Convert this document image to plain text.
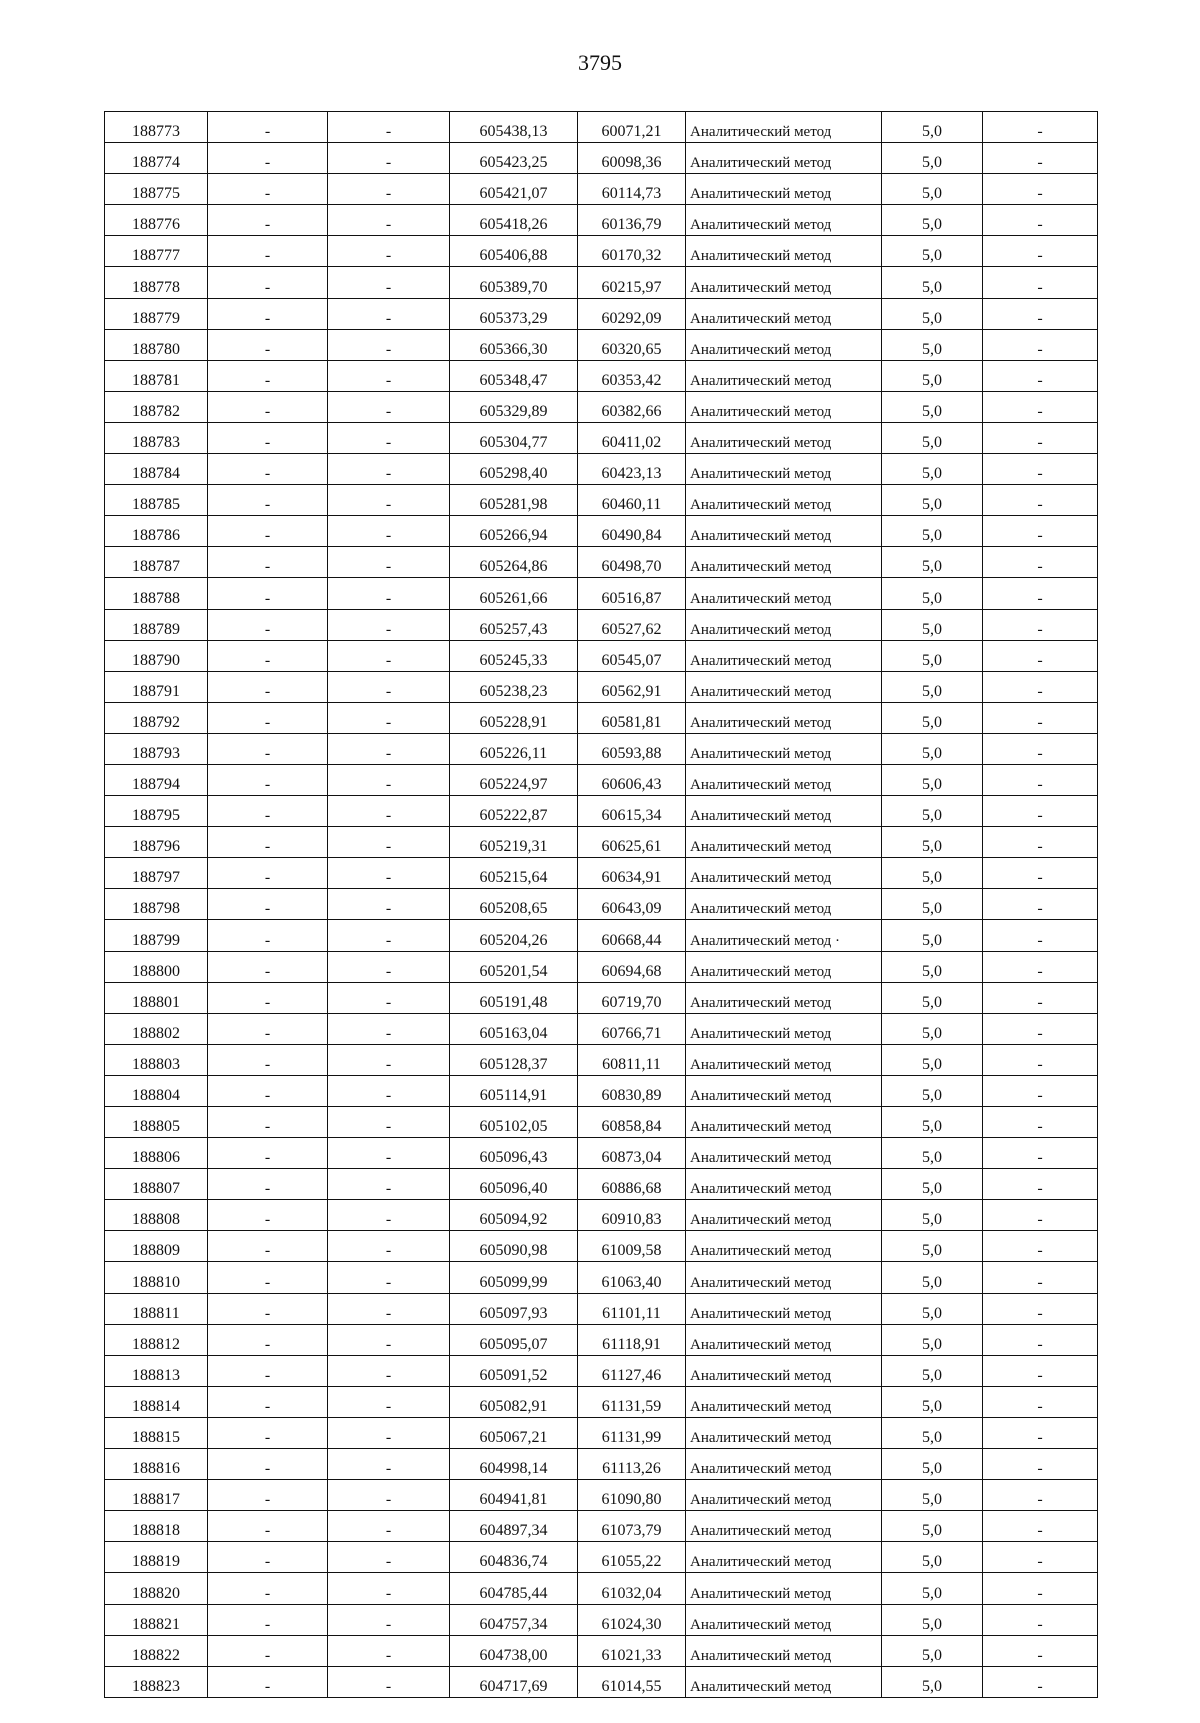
3795
188773	-	-	605438,13	60071,21	Аналитический метод	5,0	-
188774	-	-	605423,25	60098,36	Аналитический метод	5,0	-
188775	-	-	605421,07	60114,73	Аналитический метод	5,0	-
188776	-	-	605418,26	60136,79	Аналитический метод	5,0	-
188777	-	-	605406,88	60170,32	Аналитический метод	5,0	-
188778	-	-	605389,70	60215,97	Аналитический метод	5,0	-
188779	-	-	605373,29	60292,09	Аналитический метод	5,0	-
188780	-	-	605366,30	60320,65	Аналитический метод	5,0	-
188781	-	-	605348,47	60353,42	Аналитический метод	5,0	-
188782	-	-	605329,89	60382,66	Аналитический метод	5,0	-
188783	-	-	605304,77	60411,02	Аналитический метод	5,0	-
188784	-	-	605298,40	60423,13	Аналитический метод	5,0	-
188785	-	-	605281,98	60460,11	Аналитический метод	5,0	-
188786	-	-	605266,94	60490,84	Аналитический метод	5,0	-
188787	-	-	605264,86	60498,70	Аналитический метод	5,0	-
188788	-	-	605261,66	60516,87	Аналитический метод	5,0	-
188789	-	-	605257,43	60527,62	Аналитический метод	5,0	-
188790	-	-	605245,33	60545,07	Аналитический метод	5,0	-
188791	-	-	605238,23	60562,91	Аналитический метод	5,0	-
188792	-	-	605228,91	60581,81	Аналитический метод	5,0	-
188793	-	-	605226,11	60593,88	Аналитический метод	5,0	-
188794	-	-	605224,97	60606,43	Аналитический метод	5,0	-
188795	-	-	605222,87	60615,34	Аналитический метод	5,0	-
188796	-	-	605219,31	60625,61	Аналитический метод	5,0	-
188797	-	-	605215,64	60634,91	Аналитический метод	5,0	-
188798	-	-	605208,65	60643,09	Аналитический метод	5,0	-
188799	-	-	605204,26	60668,44	Аналитический метод ·	5,0	-
188800	-	-	605201,54	60694,68	Аналитический метод	5,0	-
188801	-	-	605191,48	60719,70	Аналитический метод	5,0	-
188802	-	-	605163,04	60766,71	Аналитический метод	5,0	-
188803	-	-	605128,37	60811,11	Аналитический метод	5,0	-
188804	-	-	605114,91	60830,89	Аналитический метод	5,0	-
188805	-	-	605102,05	60858,84	Аналитический метод	5,0	-
188806	-	-	605096,43	60873,04	Аналитический метод	5,0	-
188807	-	-	605096,40	60886,68	Аналитический метод	5,0	-
188808	-	-	605094,92	60910,83	Аналитический метод	5,0	-
188809	-	-	605090,98	61009,58	Аналитический метод	5,0	-
188810	-	-	605099,99	61063,40	Аналитический метод	5,0	-
188811	-	-	605097,93	61101,11	Аналитический метод	5,0	-
188812	-	-	605095,07	61118,91	Аналитический метод	5,0	-
188813	-	-	605091,52	61127,46	Аналитический метод	5,0	-
188814	-	-	605082,91	61131,59	Аналитический метод	5,0	-
188815	-	-	605067,21	61131,99	Аналитический метод	5,0	-
188816	-	-	604998,14	61113,26	Аналитический метод	5,0	-
188817	-	-	604941,81	61090,80	Аналитический метод	5,0	-
188818	-	-	604897,34	61073,79	Аналитический метод	5,0	-
188819	-	-	604836,74	61055,22	Аналитический метод	5,0	-
188820	-	-	604785,44	61032,04	Аналитический метод	5,0	-
188821	-	-	604757,34	61024,30	Аналитический метод	5,0	-
188822	-	-	604738,00	61021,33	Аналитический метод	5,0	-
188823	-	-	604717,69	61014,55	Аналитический метод	5,0	-
